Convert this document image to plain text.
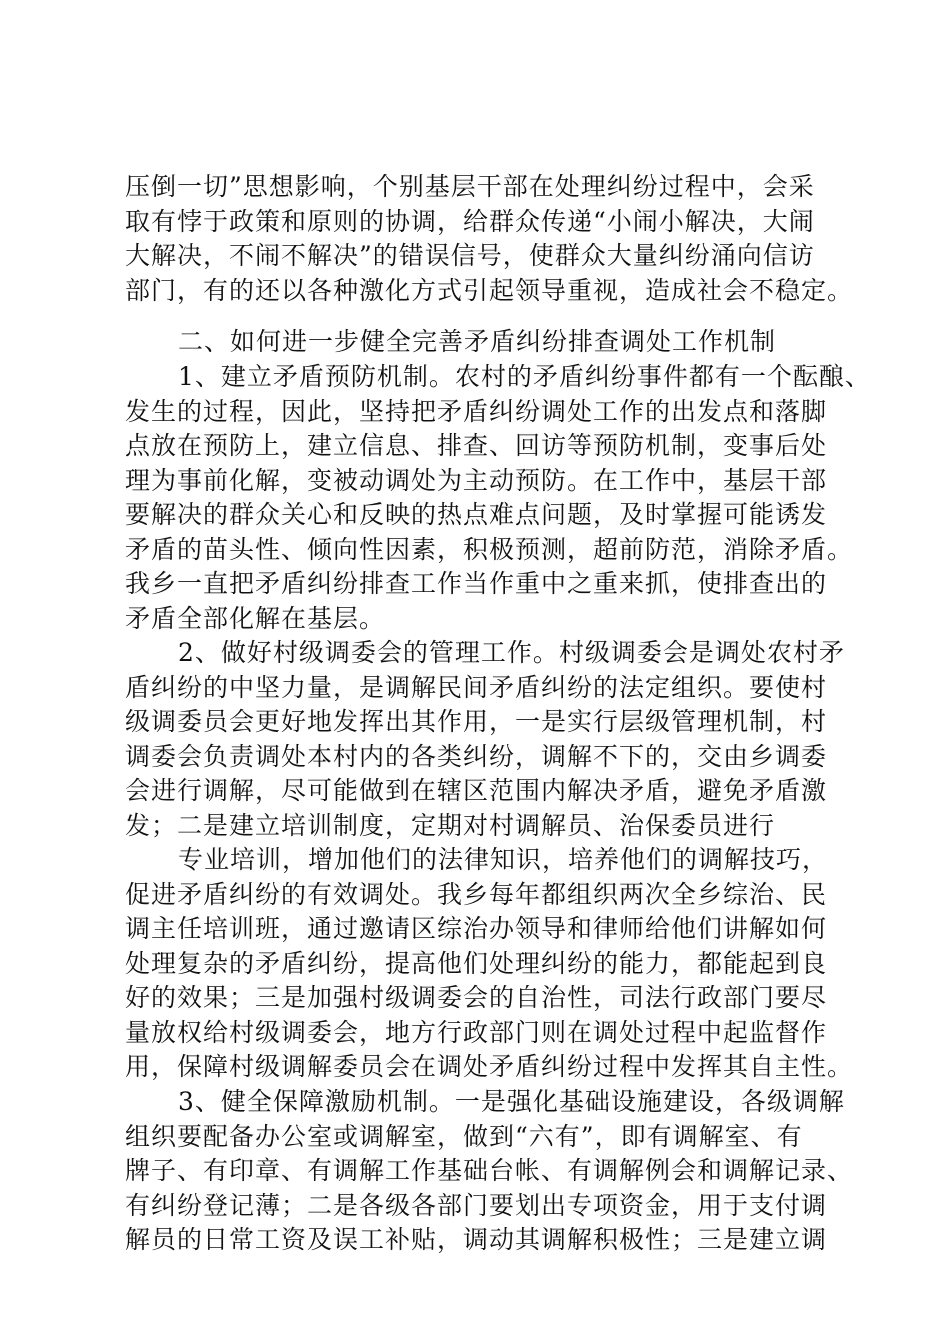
压倒一切”思想影响，个别基层干部在处理纠纷过程中，会采
取有悖于政策和原则的协调，给群众传递“小闹小解决，大闹
大解决，不闹不解决”的错误信号，使群众大量纠纷涌向信访
部门，有的还以各种激化方式引起领导重视，造成社会不稳定。
二、如何进一步健全完善矛盾纠纷排查调处工作机制
1、建立矛盾预防机制。农村的矛盾纠纷事件都有一个酝酿、
发生的过程，因此，坚持把矛盾纠纷调处工作的出发点和落脚
点放在预防上，建立信息、排查、回访等预防机制，变事后处
理为事前化解，变被动调处为主动预防。在工作中，基层干部
要解决的群众关心和反映的热点难点问题，及时掌握可能诱发
矛盾的苗头性、倾向性因素，积极预测，超前防范，消除矛盾。
我乡一直把矛盾纠纷排查工作当作重中之重来抓，使排查出的
矛盾全部化解在基层。
2、做好村级调委会的管理工作。村级调委会是调处农村矛
盾纠纷的中坚力量，是调解民间矛盾纠纷的法定组织。要使村
级调委员会更好地发挥出其作用，一是实行层级管理机制，村
调委会负责调处本村内的各类纠纷，调解不下的，交由乡调委
会进行调解，尽可能做到在辖区范围内解决矛盾，避免矛盾激
发；二是建立培训制度，定期对村调解员、治保委员进行
专业培训，增加他们的法律知识，培养他们的调解技巧，
促进矛盾纠纷的有效调处。我乡每年都组织两次全乡综治、民
调主任培训班，通过邀请区综治办领导和律师给他们讲解如何
处理复杂的矛盾纠纷，提高他们处理纠纷的能力，都能起到良
好的效果；三是加强村级调委会的自治性，司法行政部门要尽
量放权给村级调委会，地方行政部门则在调处过程中起监督作
用，保障村级调解委员会在调处矛盾纠纷过程中发挥其自主性。
3、健全保障激励机制。一是强化基础设施建设，各级调解
组织要配备办公室或调解室，做到“六有”，即有调解室、有
牌子、有印章、有调解工作基础台帐、有调解例会和调解记录、
有纠纷登记薄；二是各级各部门要划出专项资金，用于支付调
解员的日常工资及误工补贴，调动其调解积极性；三是建立调
